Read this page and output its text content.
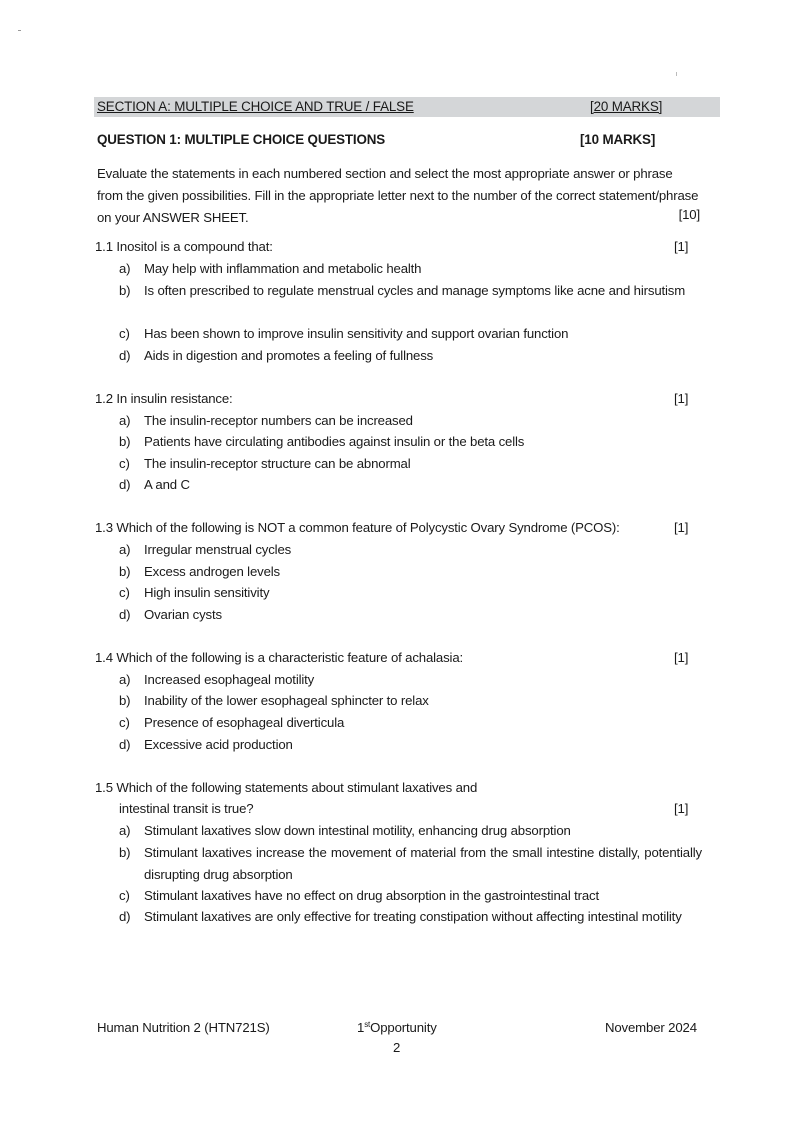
SECTION A: MULTIPLE CHOICE AND TRUE / FALSE	[20 MARKS]
QUESTION 1: MULTIPLE CHOICE QUESTIONS	[10 MARKS]
Evaluate the statements in each numbered section and select the most appropriate answer or phrase from the given possibilities. Fill in the appropriate letter next to the number of the correct statement/phrase on your ANSWER SHEET.	[10]
1.1 Inositol is a compound that:	[1]
a) May help with inflammation and metabolic health
b) Is often prescribed to regulate menstrual cycles and manage symptoms like acne and hirsutism
c) Has been shown to improve insulin sensitivity and support ovarian function
d) Aids in digestion and promotes a feeling of fullness
1.2 In insulin resistance:	[1]
a) The insulin-receptor numbers can be increased
b) Patients have circulating antibodies against insulin or the beta cells
c) The insulin-receptor structure can be abnormal
d) A and C
1.3 Which of the following is NOT a common feature of Polycystic Ovary Syndrome (PCOS):	[1]
a) Irregular menstrual cycles
b) Excess androgen levels
c) High insulin sensitivity
d) Ovarian cysts
1.4 Which of the following is a characteristic feature of achalasia:	[1]
a) Increased esophageal motility
b) Inability of the lower esophageal sphincter to relax
c) Presence of esophageal diverticula
d) Excessive acid production
1.5 Which of the following statements about stimulant laxatives and
intestinal transit is true?	[1]
a) Stimulant laxatives slow down intestinal motility, enhancing drug absorption
b) Stimulant laxatives increase the movement of material from the small intestine distally, potentially disrupting drug absorption
c) Stimulant laxatives have no effect on drug absorption in the gastrointestinal tract
d) Stimulant laxatives are only effective for treating constipation without affecting intestinal motility
Human Nutrition 2 (HTN721S)	1stOpportunity	November 2024
2
